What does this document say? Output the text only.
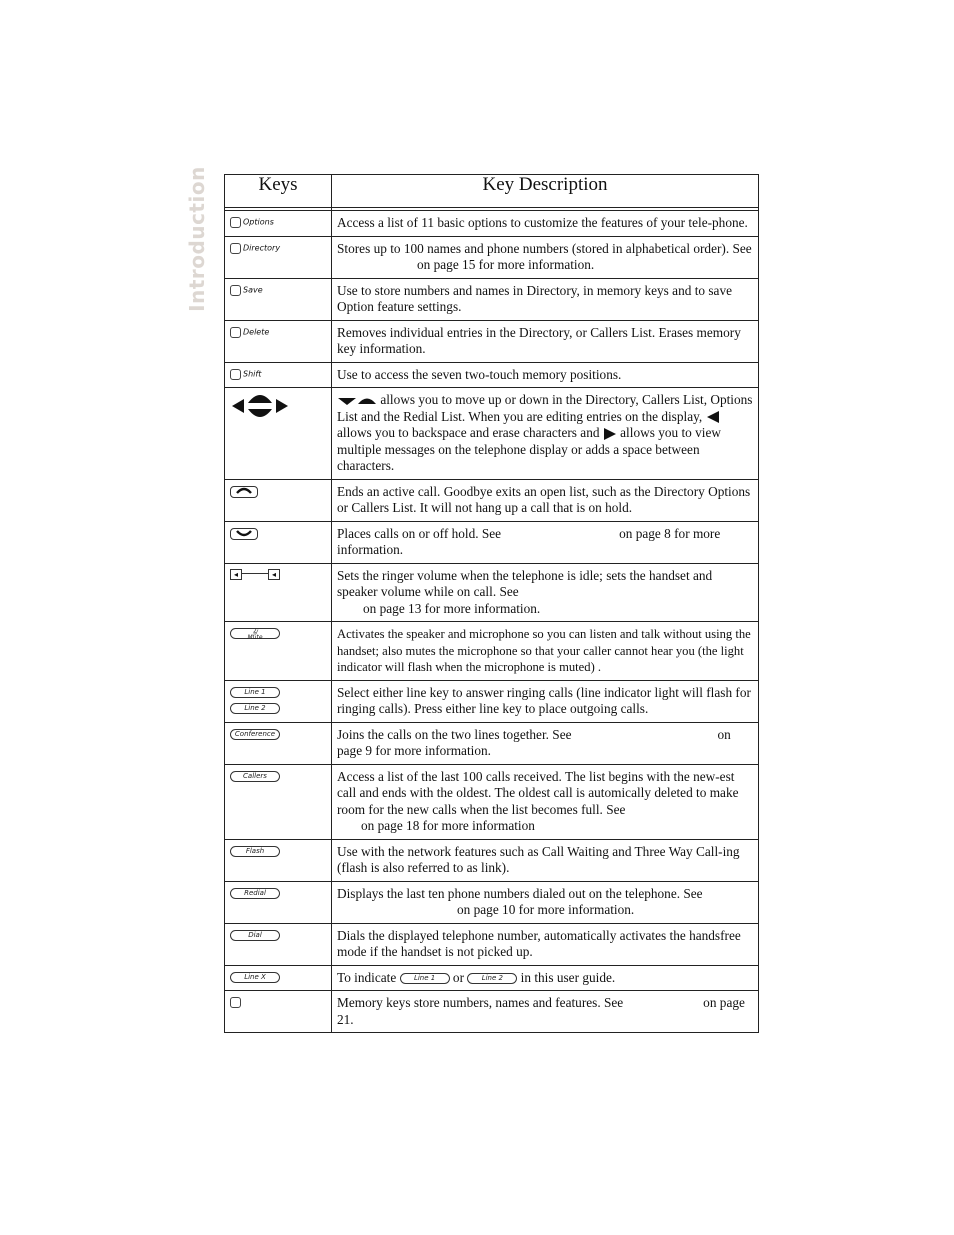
Introduction	Keys	Key Description

Options	Access a list of 11 basic options to customize the features of your tele-phone.
Directory	Stores up to 100 names and phone numbers (stored in alphabetical order). Seeon page 15 for more information.
Save	Use to store numbers and names in Directory, in memory keys and to save Option feature settings.
Delete	Removes individual entries in the Directory, or Callers List. Erases memory key information.
Shift	Use to access the seven two-touch memory positions.
	allows you to move up or down in the Directory, Callers List, Options List and the Redial List. When you are editing entries on the display,  allows you to backspace and erase characters and allows you to view multiple messages on the telephone display or adds a space between characters.
	Ends an active call. Goodbye exits an open list, such as the Directory Options or Callers List. It will not hang up a call that is on hold.
	Places calls on or off hold. See on page 8 for more information.

◂ ◂	Sets the ringer volume when the telephone is idle; sets the handset and speaker volume while on call. See
on page 13 for more information.
𝄞/
Mute	Activates the speaker and microphone so you can listen and talk without using the handset; also mutes the microphone so that your caller cannot hear you (the light indicator will flash when the microphone is muted) .
Line 1
Line 2	Select either line key to answer ringing calls (line indicator light will flash for ringing calls). Press either line key to place outgoing calls.
Conference	Joins the calls on the two lines together. See on page 9 for more information.
Callers	Access a list of the last 100 calls received. The list begins with the new-est call and ends with the oldest. The oldest call is automically deleted to make room for the new calls when the list becomes full. See
on page 18 for more information
Flash	Use with the network features such as Call Waiting and Three Way Call-ing (flash is also referred to as link).
Redial	Displays the last ten phone numbers dialed out on the telephone. See
on page 10 for more information.
Dial	Dials the displayed telephone number, automatically activates the handsfree mode if the handset is not picked up.
Line X	To indicate Line 1 or Line 2 in this user guide.
	Memory keys store numbers, names and features. See on page 21.
